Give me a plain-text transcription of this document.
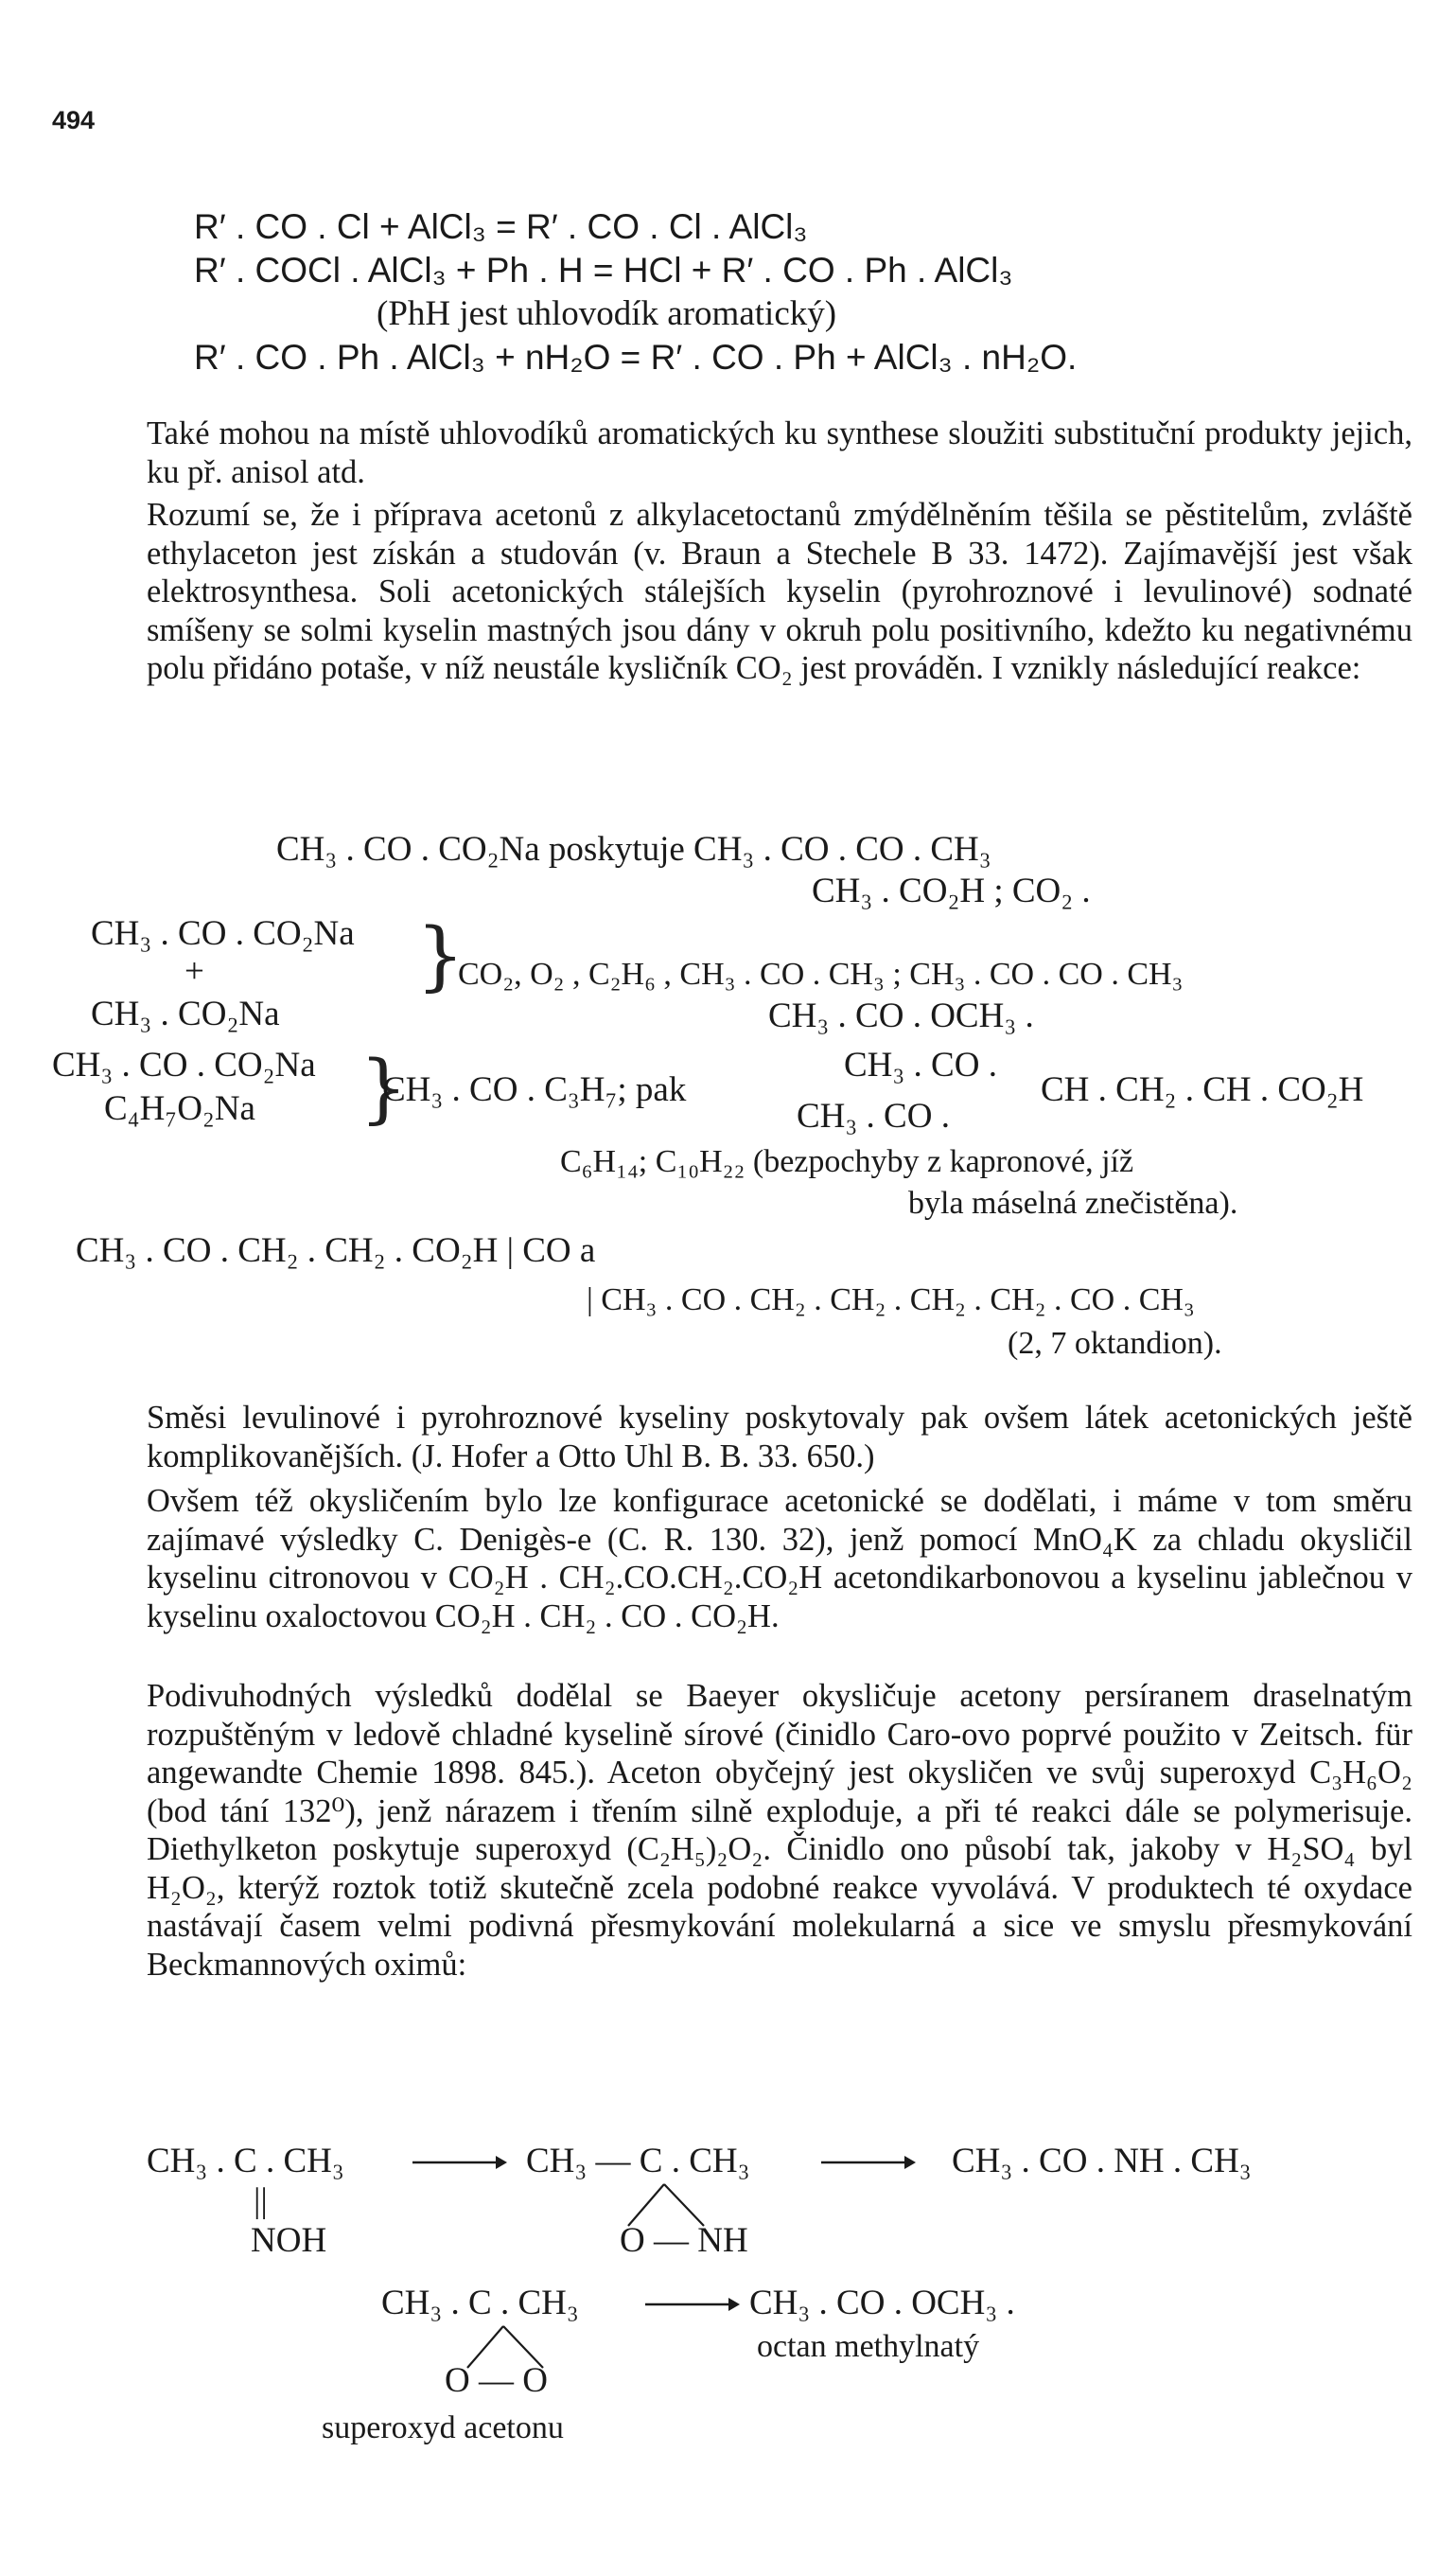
494
R′ . CO . Cl + AlCl₃ = R′ . CO . Cl . AlCl₃
R′ . COCl . AlCl₃ + Ph . H = HCl + R′ . CO . Ph . AlCl₃
(PhH jest uhlovodík aromatický)
R′ . CO . Ph . AlCl₃ + nH₂O = R′ . CO . Ph + AlCl₃ . nH₂O.

Také mohou na místě uhlovodíků aromatických ku synthese sloužiti substituční produkty jejich, ku př. anisol atd.

Rozumí se, že i příprava acetonů z alkylacetoctanů zmýdělněním těšila se pěstitelům, zvláště ethylaceton jest získán a studován (v. Braun a Stechele B 33. 1472). Zajímavější jest však elektrosynthesa. Soli acetonických stálejších kyselin (pyrohroznové i levulinové) sodnaté smíšeny se solmi kyselin mastných jsou dány v okruh polu positivního, kdežto ku negativnému polu přidáno potaše, v níž neustále kysličník CO₂ jest prováděn. I vznikly následující reakce:

CH₃ . CO . CO₂Na poskytuje CH₃ . CO . CO . CH₃
CH₃ . CO₂H ; CO₂ .
CH₃ . CO . CO₂Na
+
CH₃ . CO₂Na
}
CO₂, O₂ , C₂H₆ , CH₃ . CO . CH₃ ; CH₃ . CO . CO . CH₃
CH₃ . CO . OCH₃ .
CH₃ . CO . CO₂Na
C₄H₇O₂Na }
CH₃ . CO . C₃H₇; pak
CH₃ . CO .
CH₃ . CO .
CH . CH₂ . CH . CO₂H
C₆H₁₄; C₁₀H₂₂ (bezpochyby z kapronové, jíž
byla máselná znečistěna).
CH₃ . CO . CH₂ . CH₂ . CO₂H | CO a
| CH₃ . CO . CH₂ . CH₂ . CH₂ . CH₂ . CO . CH₃
(2, 7 oktandion).

Směsi levulinové i pyrohroznové kyseliny poskytovaly pak ovšem látek acetonických ještě komplikovanějších. (J. Hofer a Otto Uhl B. B. 33. 650.)

Ovšem též okysličením bylo lze konfigurace acetonické se dodělati, i máme v tom směru zajímavé výsledky C. Denigès-e (C. R. 130. 32), jenž pomocí MnO₄K za chladu okysličil kyselinu citronovou v CO₂H . CH₂.CO.CH₂.CO₂H acetondikarbonovou a kyselinu jablečnou v kyselinu oxaloctovou CO₂H . CH₂ . CO . CO₂H.

Podivuhodných výsledků dodělal se Baeyer okysličuje acetony persíranem draselnatým rozpuštěným v ledově chladné kyselině sírové (činidlo Caro-ovo poprvé použito v Zeitsch. für angewandte Chemie 1898. 845.). Aceton obyčejný jest okysličen ve svůj superoxyd C₃H₆O₂ (bod tání 132⁰), jenž nárazem i třením silně exploduje, a při té reakci dále se polymerisuje. Diethylketon poskytuje superoxyd (C₂H₅)₂O₂. Činidlo ono působí tak, jakoby v H₂SO₄ byl H₂O₂, kterýž roztok totiž skutečně zcela podobné reakce vyvolává. V produktech té oxydace nastávají časem velmi podivná přesmykování molekularná a sice ve smyslu přesmykování Beckmannových oximů:

CH₃ . C . CH₃
||
NOH
CH₃ — C . CH₃
O — NH
CH₃ . CO . NH . CH₃
CH₃ . C . CH₃
O — O
superoxyd acetonu
CH₃ . CO . OCH₃ .
octan methylnatý
